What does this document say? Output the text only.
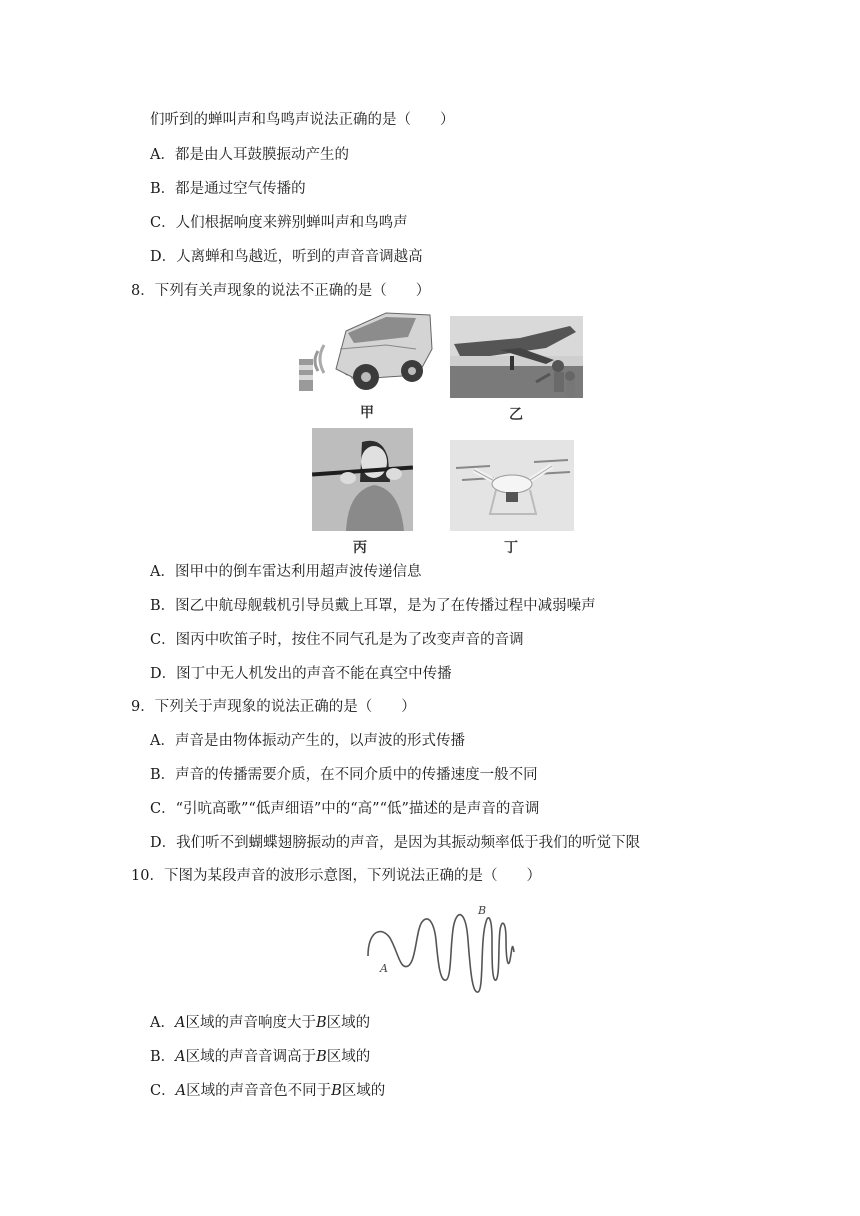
们听到的蝉叫声和鸟鸣声说法正确的是（　　）
A．都是由人耳鼓膜振动产生的
B．都是通过空气传播的
C．人们根据响度来辨别蝉叫声和鸟鸣声
D．人离蝉和鸟越近，听到的声音音调越高
8．下列有关声现象的说法不正确的是（　　）
甲	乙
丙	丁
A．图甲中的倒车雷达利用超声波传递信息
B．图乙中航母舰载机引导员戴上耳罩，是为了在传播过程中减弱噪声
C．图丙中吹笛子时，按住不同气孔是为了改变声音的音调
D．图丁中无人机发出的声音不能在真空中传播
9．下列关于声现象的说法正确的是（　　）
A．声音是由物体振动产生的，以声波的形式传播
B．声音的传播需要介质，在不同介质中的传播速度一般不同
C．“引吭高歌”“低声细语”中的“高”“低”描述的是声音的音调
D．我们听不到蝴蝶翅膀振动的声音，是因为其振动频率低于我们的听觉下限
10．下图为某段声音的波形示意图，下列说法正确的是（　　）
A
B
A．A区域的声音响度大于B区域的
B．A区域的声音音调高于B区域的
C．A区域的声音音色不同于B区域的
